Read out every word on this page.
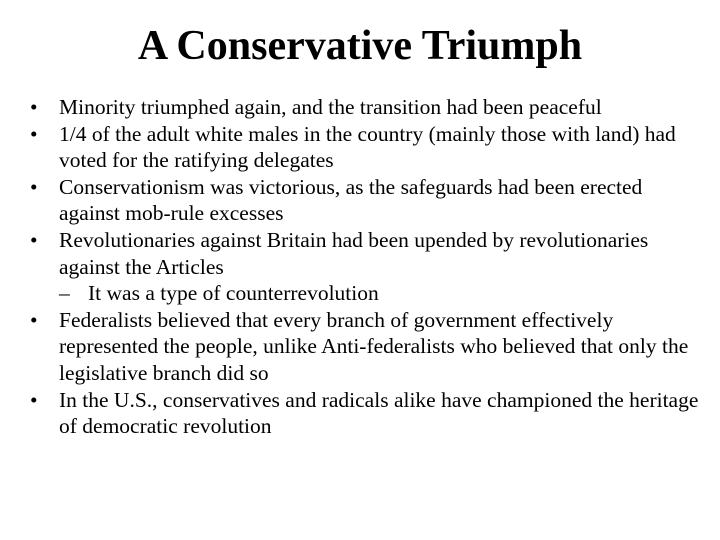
A Conservative Triumph
• Minority triumphed again, and the transition had been peaceful
• 1/4 of the adult white males in the country (mainly those with land) had voted for the ratifying delegates
• Conservationism was victorious, as the safeguards had been erected against mob-rule excesses
• Revolutionaries against Britain had been upended by revolutionaries against the Articles
– It was a type of counterrevolution
• Federalists believed that every branch of government effectively represented the people, unlike Anti-federalists who believed that only the legislative branch did so
• In the U.S., conservatives and radicals alike have championed the heritage of democratic revolution
